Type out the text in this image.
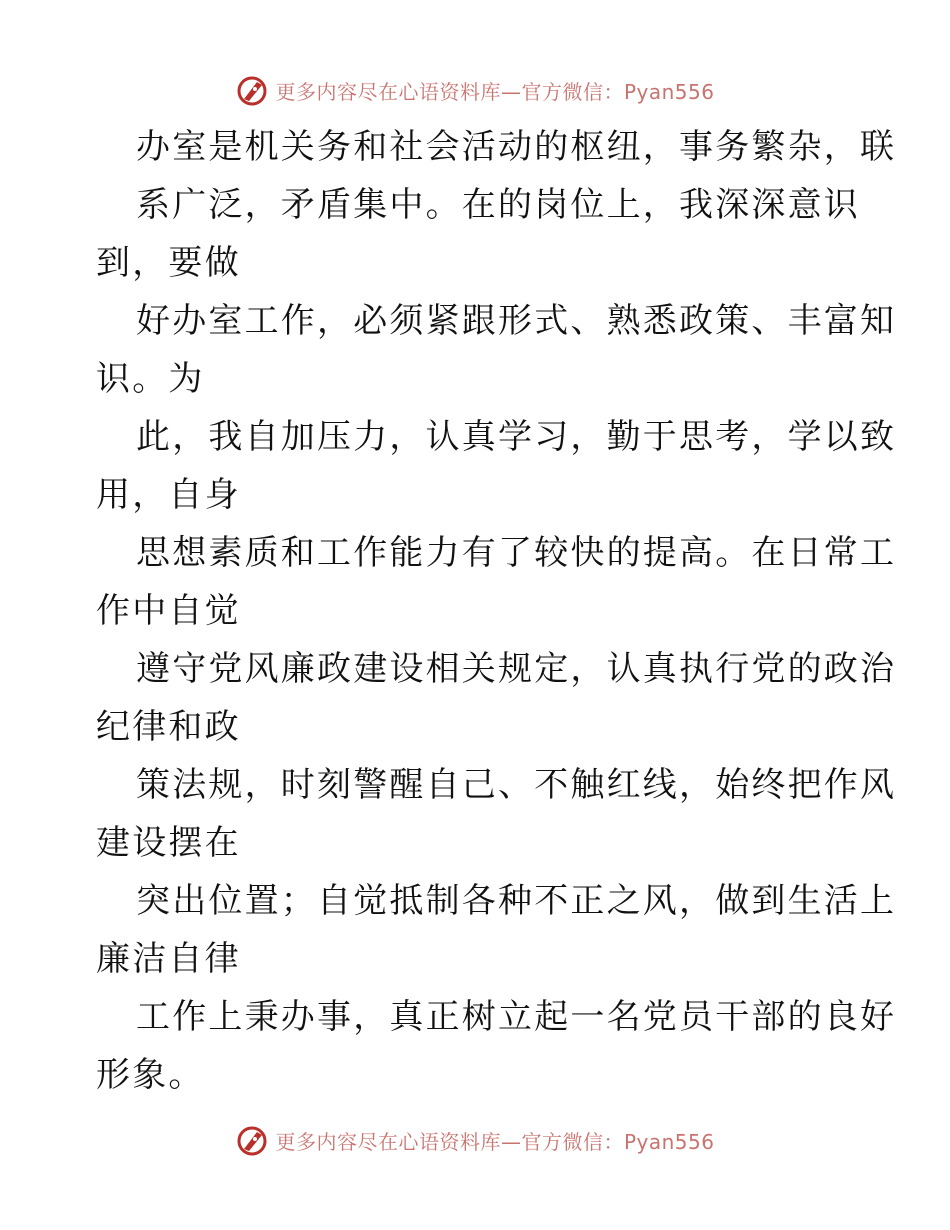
更多内容尽在心语资料库—官方微信：Pyan556
办室是机关务和社会活动的枢纽，事务繁杂，联
系广泛，矛盾集中。在的岗位上，我深深意识
到，要做
好办室工作，必须紧跟形式、熟悉政策、丰富知
识。为
此，我自加压力，认真学习，勤于思考，学以致
用，自身
思想素质和工作能力有了较快的提高。在日常工
作中自觉
遵守党风廉政建设相关规定，认真执行党的政治
纪律和政
策法规，时刻警醒自己、不触红线，始终把作风
建设摆在
突出位置；自觉抵制各种不正之风，做到生活上
廉洁自律
工作上秉办事，真正树立起一名党员干部的良好
形象。
更多内容尽在心语资料库—官方微信：Pyan556
